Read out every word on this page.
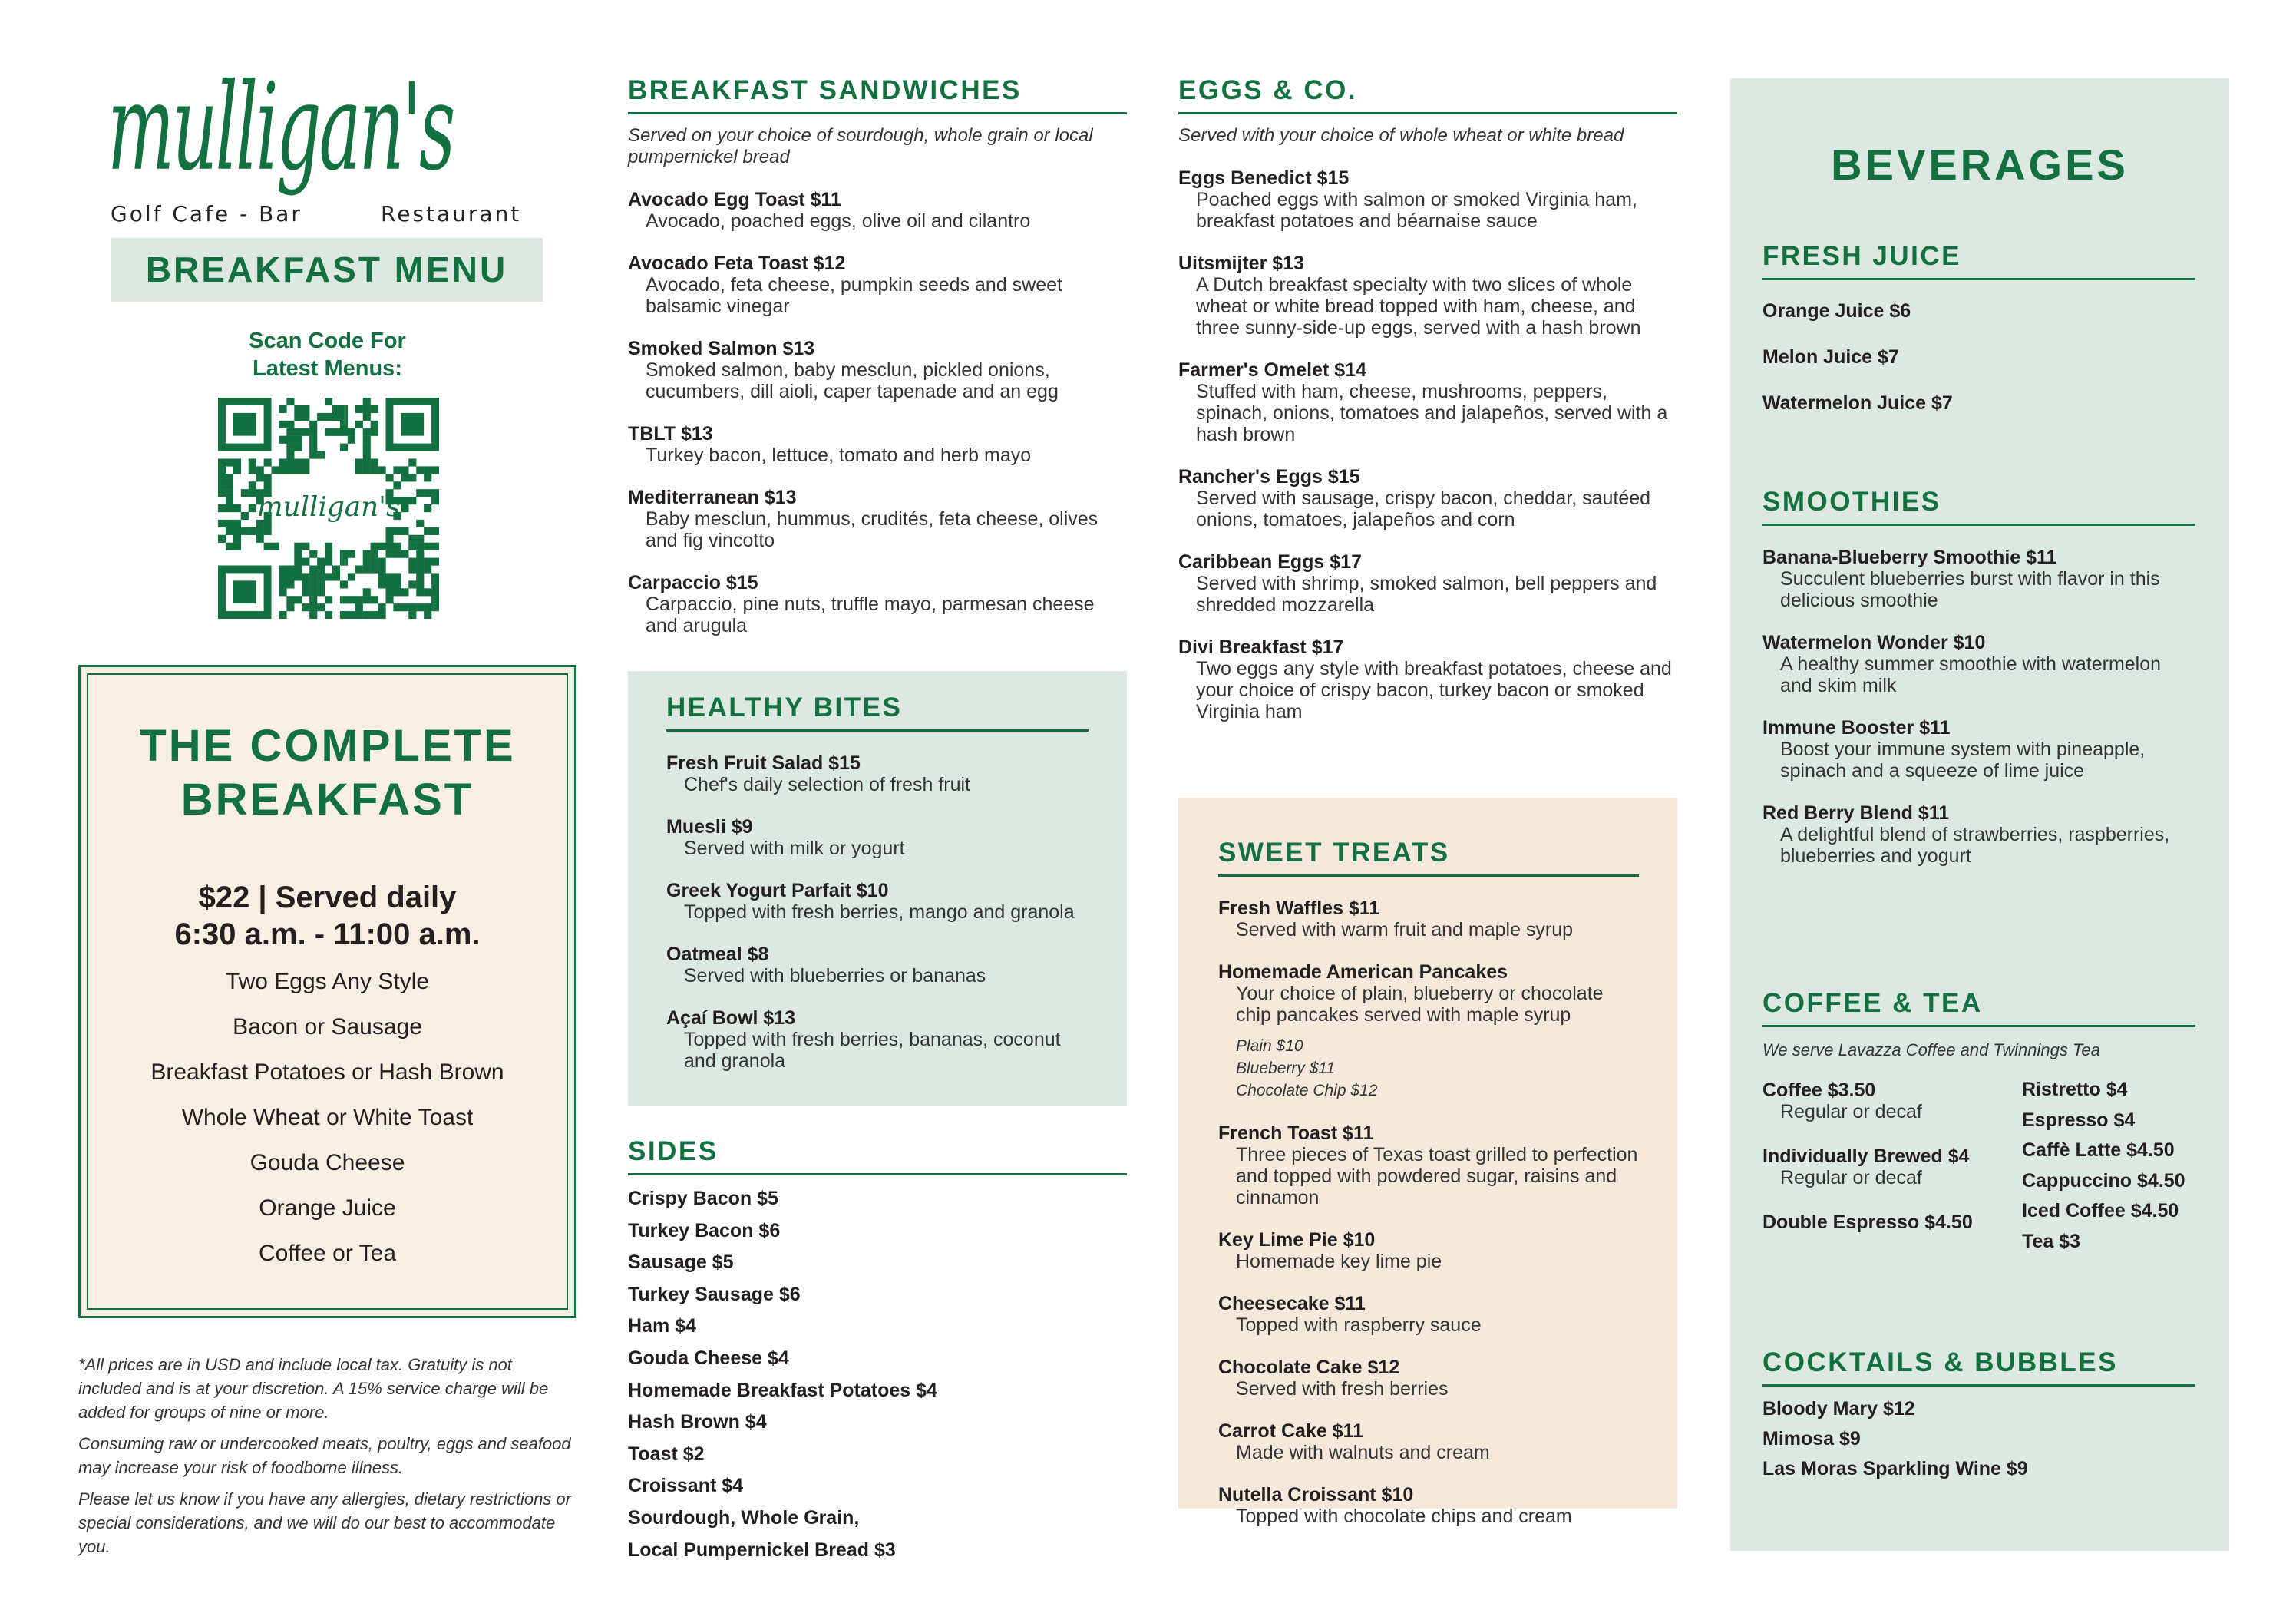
mulligan's
Golf Cafe - Bar	Restaurant
BREAKFAST MENU
Scan Code For
Latest Menus:
mulligan's
THE COMPLETE
BREAKFAST
$22 | Served daily
6:30 a.m. - 11:00 a.m.
Two Eggs Any Style
Bacon or Sausage
Breakfast Potatoes or Hash Brown
Whole Wheat or White Toast
Gouda Cheese
Orange Juice
Coffee or Tea

*All prices are in USD and include local tax. Gratuity is not included and is at your discretion. A 15% service charge will be added for groups of nine or more.

Consuming raw or undercooked meats, poultry, eggs and seafood may increase your risk of foodborne illness.

Please let us know if you have any allergies, dietary restrictions or special considerations, and we will do our best to accommodate you.

BREAKFAST SANDWICHES

Served on your choice of sourdough, whole grain or local pumpernickel bread

Avocado Egg Toast $11
Avocado, poached eggs, olive oil and cilantro
Avocado Feta Toast $12
Avocado, feta cheese, pumpkin seeds and sweet balsamic vinegar
Smoked Salmon $13
Smoked salmon, baby mesclun, pickled onions, cucumbers, dill aioli, caper tapenade and an egg
TBLT $13
Turkey bacon, lettuce, tomato and herb mayo
Mediterranean $13
Baby mesclun, hummus, crudités, feta cheese, olives and fig vincotto
Carpaccio $15
Carpaccio, pine nuts, truffle mayo, parmesan cheese and arugula
HEALTHY BITES
Fresh Fruit Salad $15
Chef's daily selection of fresh fruit
Muesli $9
Served with milk or yogurt
Greek Yogurt Parfait $10
Topped with fresh berries, mango and granola
Oatmeal $8
Served with blueberries or bananas
Açaí Bowl $13
Topped with fresh berries, bananas, coconut and granola
SIDES
Crispy Bacon $5
Turkey Bacon $6
Sausage $5
Turkey Sausage $6
Ham $4
Gouda Cheese $4
Homemade Breakfast Potatoes $4
Hash Brown $4
Toast $2
Croissant $4
Sourdough, Whole Grain,
Local Pumpernickel Bread $3
EGGS & CO.

Served with your choice of whole wheat or white bread

Eggs Benedict $15
Poached eggs with salmon or smoked Virginia ham, breakfast potatoes and béarnaise sauce
Uitsmijter $13
A Dutch breakfast specialty with two slices of whole wheat or white bread topped with ham, cheese, and three sunny-side-up eggs, served with a hash brown
Farmer's Omelet $14
Stuffed with ham, cheese, mushrooms, peppers, spinach, onions, tomatoes and jalapeños, served with a hash brown
Rancher's Eggs $15
Served with sausage, crispy bacon, cheddar, sautéed onions, tomatoes, jalapeños and corn
Caribbean Eggs $17
Served with shrimp, smoked salmon, bell peppers and shredded mozzarella
Divi Breakfast $17
Two eggs any style with breakfast potatoes, cheese and your choice of crispy bacon, turkey bacon or smoked Virginia ham
SWEET TREATS
Fresh Waffles $11
Served with warm fruit and maple syrup
Homemade American Pancakes
Your choice of plain, blueberry or chocolate chip pancakes served with maple syrup
Plain $10
Blueberry $11
Chocolate Chip $12
French Toast $11
Three pieces of Texas toast grilled to perfection and topped with powdered sugar, raisins and cinnamon
Key Lime Pie $10
Homemade key lime pie
Cheesecake $11
Topped with raspberry sauce
Chocolate Cake $12
Served with fresh berries
Carrot Cake $11
Made with walnuts and cream
Nutella Croissant $10
Topped with chocolate chips and cream
BEVERAGES
FRESH JUICE
Orange Juice $6
Melon Juice $7
Watermelon Juice $7
SMOOTHIES
Banana-Blueberry Smoothie $11
Succulent blueberries burst with flavor in this delicious smoothie
Watermelon Wonder $10
A healthy summer smoothie with watermelon and skim milk
Immune Booster $11
Boost your immune system with pineapple, spinach and a squeeze of lime juice
Red Berry Blend $11
A delightful blend of strawberries, raspberries, blueberries and yogurt
COFFEE & TEA

We serve Lavazza Coffee and Twinnings Tea

Coffee $3.50
Regular or decaf
Individually Brewed $4
Regular or decaf
Double Espresso $4.50
Ristretto $4
Espresso $4
Caffè Latte $4.50
Cappuccino $4.50
Iced Coffee $4.50
Tea $3
COCKTAILS & BUBBLES
Bloody Mary $12
Mimosa $9
Las Moras Sparkling Wine $9
